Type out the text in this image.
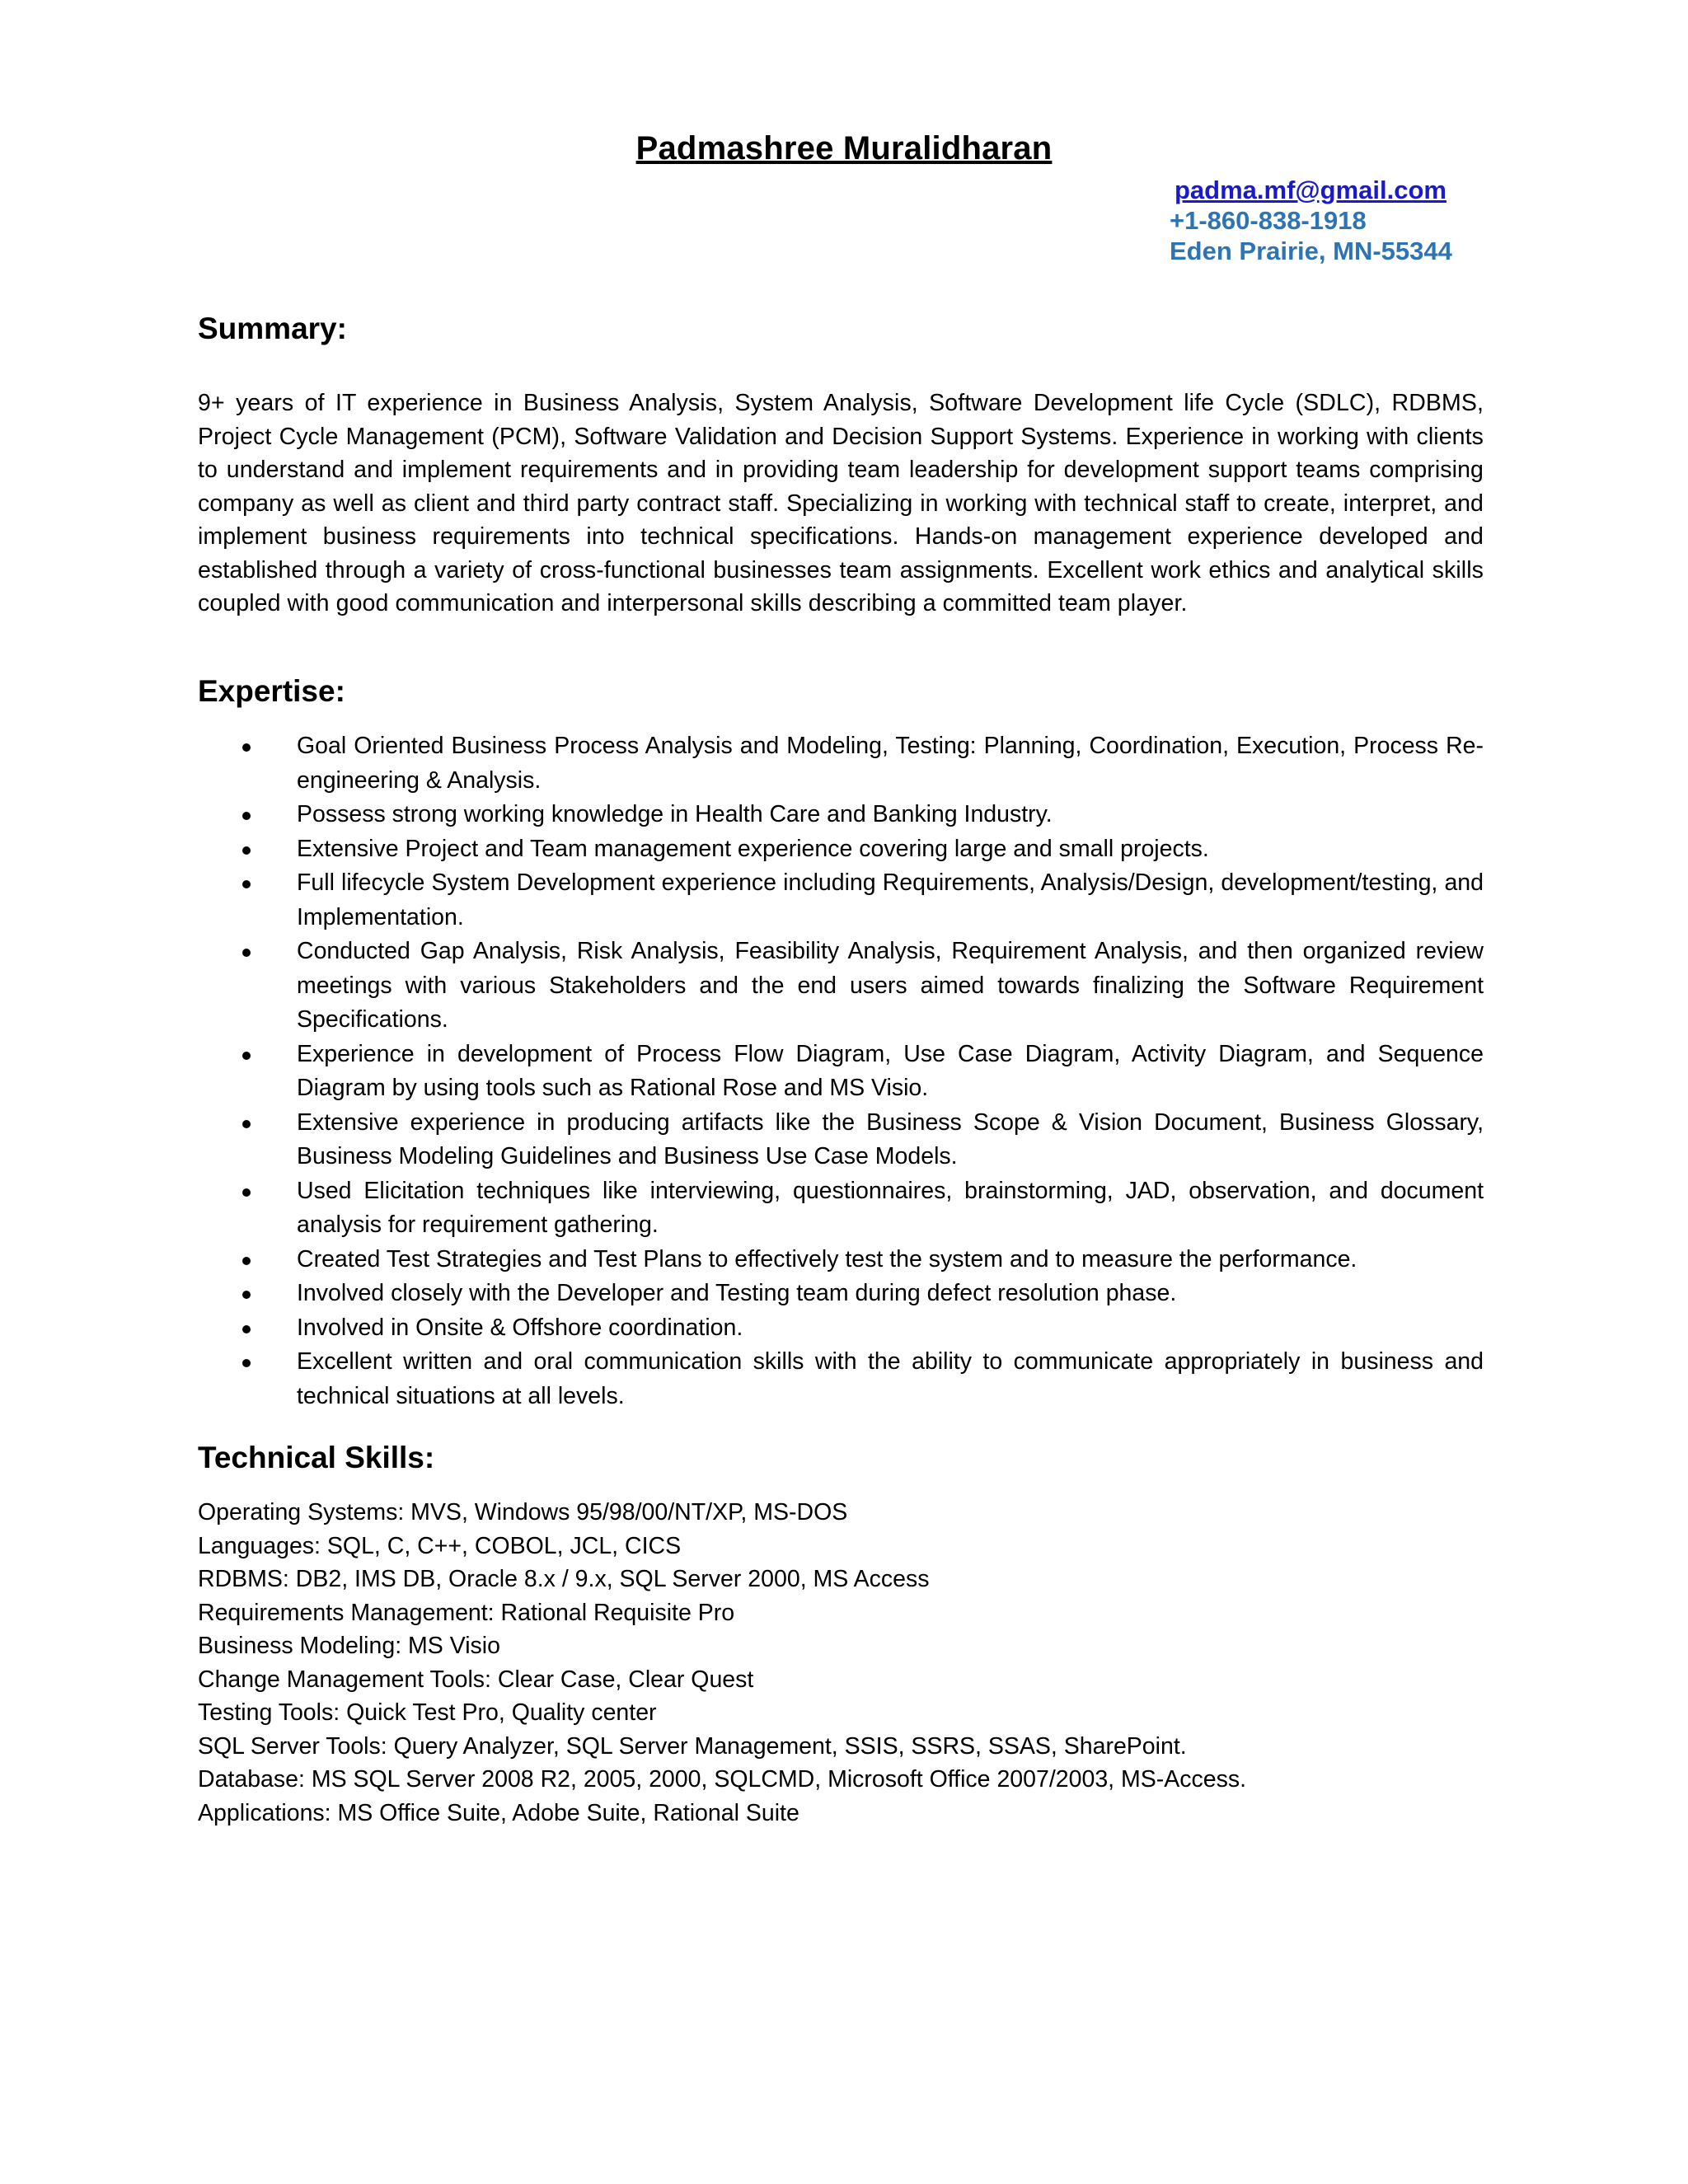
Padmashree Muralidharan
padma.mf@gmail.com
+1-860-838-1918
Eden Prairie, MN-55344
Summary:

9+ years of IT experience in Business Analysis, System Analysis, Software Development life Cycle (SDLC), RDBMS, Project Cycle Management (PCM), Software Validation and Decision Support Systems. Experience in working with clients to understand and implement requirements and in providing team leadership for development support teams comprising company as well as client and third party contract staff. Specializing in working with technical staff to create, interpret, and implement business requirements into technical specifications. Hands-on management experience developed and established through a variety of cross-functional businesses team assignments. Excellent work ethics and analytical skills coupled with good communication and interpersonal skills describing a committed team player.

Expertise:
Goal Oriented Business Process Analysis and Modeling, Testing: Planning, Coordination, Execution, Process Re-engineering & Analysis.
Possess strong working knowledge in Health Care and Banking Industry.
Extensive Project and Team management experience covering large and small projects.
Full lifecycle System Development experience including Requirements, Analysis/Design, development/testing, and Implementation.
Conducted Gap Analysis, Risk Analysis, Feasibility Analysis, Requirement Analysis, and then organized review meetings with various Stakeholders and the end users aimed towards finalizing the Software Requirement Specifications.
Experience in development of Process Flow Diagram, Use Case Diagram, Activity Diagram, and Sequence Diagram by using tools such as Rational Rose and MS Visio.
Extensive experience in producing artifacts like the Business Scope & Vision Document, Business Glossary, Business Modeling Guidelines and Business Use Case Models.
Used Elicitation techniques like interviewing, questionnaires, brainstorming, JAD, observation, and document analysis for requirement gathering.
Created Test Strategies and Test Plans to effectively test the system and to measure the performance.
Involved closely with the Developer and Testing team during defect resolution phase.
Involved in Onsite & Offshore coordination.
Excellent written and oral communication skills with the ability to communicate appropriately in business and technical situations at all levels.
Technical Skills:

Operating Systems: MVS, Windows 95/98/00/NT/XP, MS-DOS

Languages: SQL, C, C++, COBOL, JCL, CICS

RDBMS: DB2, IMS DB, Oracle 8.x / 9.x, SQL Server 2000, MS Access

Requirements Management: Rational Requisite Pro

Business Modeling: MS Visio

Change Management Tools: Clear Case, Clear Quest

Testing Tools: Quick Test Pro, Quality center

SQL Server Tools: Query Analyzer, SQL Server Management, SSIS, SSRS, SSAS, SharePoint.

Database: MS SQL Server 2008 R2, 2005, 2000, SQLCMD, Microsoft Office 2007/2003, MS-Access.

Applications: MS Office Suite, Adobe Suite, Rational Suite
